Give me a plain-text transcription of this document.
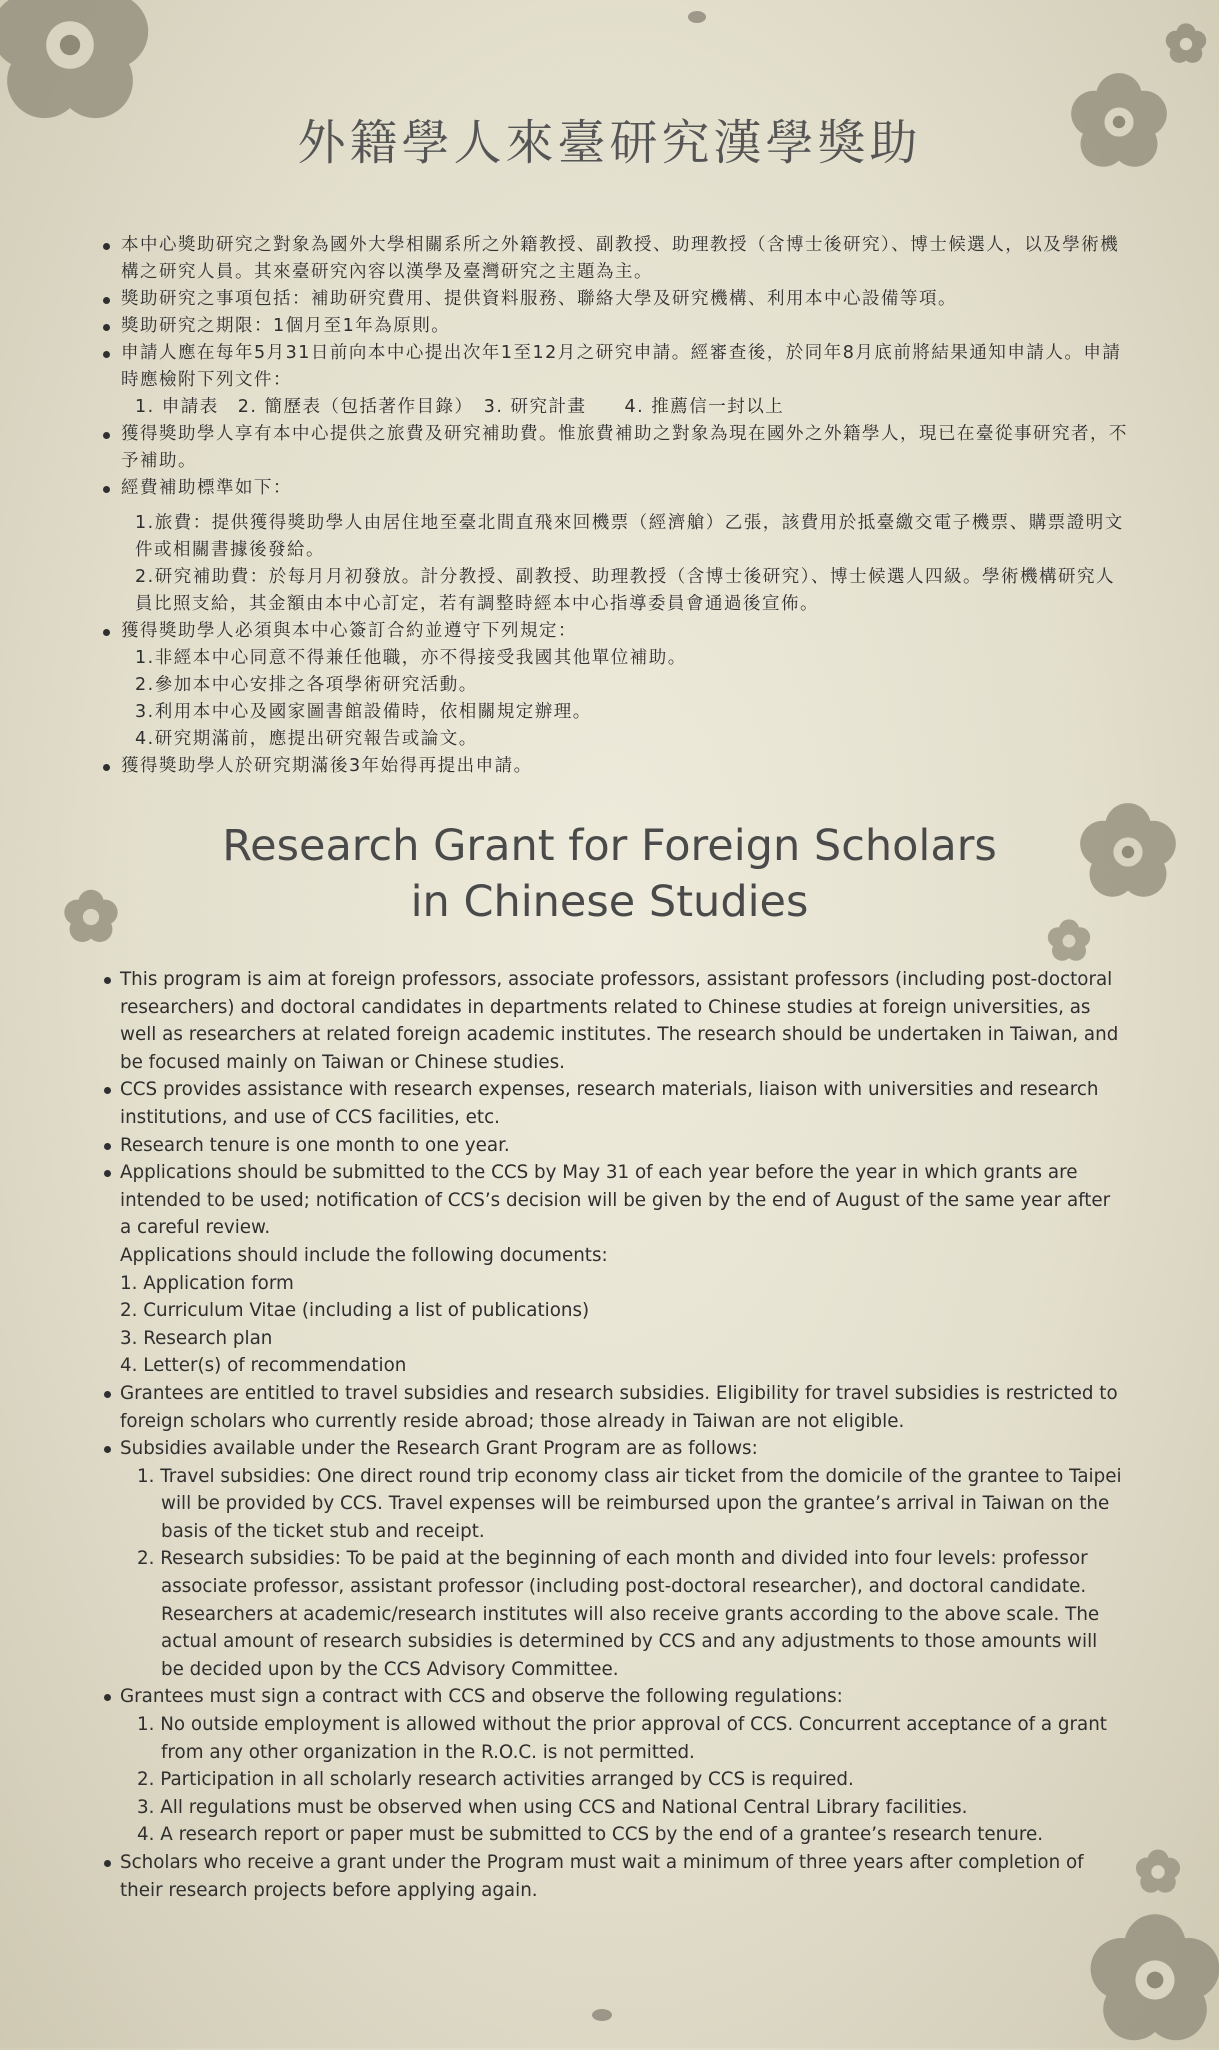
外籍學人來臺研究漢學獎助
本中心獎助研究之對象為國外大學相關系所之外籍教授、副教授、助理教授（含博士後研究）、博士候選人，以及學術機構之研究人員。其來臺研究內容以漢學及臺灣研究之主題為主。
獎助研究之事項包括：補助研究費用、提供資料服務、聯絡大學及研究機構、利用本中心設備等項。
獎助研究之期限：1個月至1年為原則。
申請人應在每年5月31日前向本中心提出次年1至12月之研究申請。經審查後，於同年8月底前將結果通知申請人。申請時應檢附下列文件：
1. 申請表　2. 簡歷表（包括著作目錄）　3. 研究計畫　　4. 推薦信一封以上
獲得獎助學人享有本中心提供之旅費及研究補助費。惟旅費補助之對象為現在國外之外籍學人，現已在臺從事研究者，不予補助。
經費補助標準如下：
1.旅費：提供獲得獎助學人由居住地至臺北間直飛來回機票（經濟艙）乙張，該費用於抵臺繳交電子機票、購票證明文件或相關書據後發給。
2.研究補助費：於每月月初發放。計分教授、副教授、助理教授（含博士後研究）、博士候選人四級。學術機構研究人員比照支給，其金額由本中心訂定，若有調整時經本中心指導委員會通過後宣佈。
獲得獎助學人必須與本中心簽訂合約並遵守下列規定：
1.非經本中心同意不得兼任他職，亦不得接受我國其他單位補助。
2.參加本中心安排之各項學術研究活動。
3.利用本中心及國家圖書館設備時，依相關規定辦理。
4.研究期滿前，應提出研究報告或論文。
獲得獎助學人於研究期滿後3年始得再提出申請。
Research Grant for Foreign Scholars
in Chinese Studies
This program is aim at foreign professors, associate professors, assistant professors (including post-doctoral researchers) and doctoral candidates in departments related to Chinese studies at foreign universities, as well as researchers at related foreign academic institutes. The research should be undertaken in Taiwan, and be focused mainly on Taiwan or Chinese studies.
CCS provides assistance with research expenses, research materials, liaison with universities and research institutions, and use of CCS facilities, etc.
Research tenure is one month to one year.
Applications should be submitted to the CCS by May 31 of each year before the year in which grants are intended to be used; notification of CCS’s decision will be given by the end of August of the same year after a careful review.
Applications should include the following documents:
1. Application form
2. Curriculum Vitae (including a list of publications)
3. Research plan
4. Letter(s) of recommendation
Grantees are entitled to travel subsidies and research subsidies. Eligibility for travel subsidies is restricted to foreign scholars who currently reside abroad; those already in Taiwan are not eligible.
Subsidies available under the Research Grant Program are as follows:
1. Travel subsidies: One direct round trip economy class air ticket from the domicile of the grantee to Taipei will be provided by CCS. Travel expenses will be reimbursed upon the grantee’s arrival in Taiwan on the basis of the ticket stub and receipt.
2. Research subsidies: To be paid at the beginning of each month and divided into four levels: professor associate professor, assistant professor (including post-doctoral researcher), and doctoral candidate. Researchers at academic/research institutes will also receive grants according to the above scale. The actual amount of research subsidies is determined by CCS and any adjustments to those amounts will be decided upon by the CCS Advisory Committee.
Grantees must sign a contract with CCS and observe the following regulations:
1. No outside employment is allowed without the prior approval of CCS. Concurrent acceptance of a grant from any other organization in the R.O.C. is not permitted.
2. Participation in all scholarly research activities arranged by CCS is required.
3. All regulations must be observed when using CCS and National Central Library facilities.
4. A research report or paper must be submitted to CCS by the end of a grantee’s research tenure.
Scholars who receive a grant under the Program must wait a minimum of three years after completion of their research projects before applying again.
